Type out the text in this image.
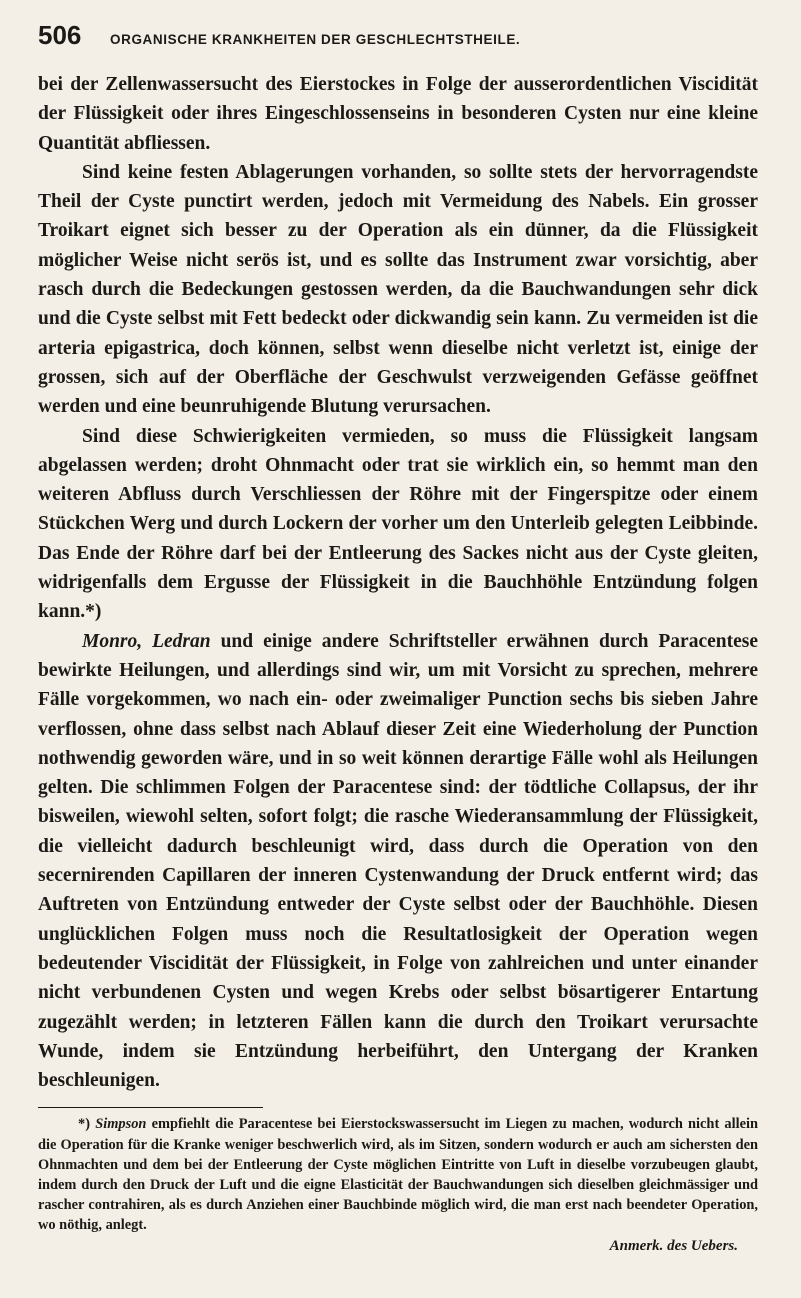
506	ORGANISCHE KRANKHEITEN DER GESCHLECHTSTHEILE.

bei der Zellenwassersucht des Eierstockes in Folge der ausserordentlichen Viscidität der Flüssigkeit oder ihres Eingeschlossenseins in besonderen Cysten nur eine kleine Quantität abfliessen.

Sind keine festen Ablagerungen vorhanden, so sollte stets der hervorragendste Theil der Cyste punctirt werden, jedoch mit Vermeidung des Nabels. Ein grosser Troikart eignet sich besser zu der Operation als ein dünner, da die Flüssigkeit möglicher Weise nicht serös ist, und es sollte das Instrument zwar vorsichtig, aber rasch durch die Bedeckungen gestossen werden, da die Bauchwandungen sehr dick und die Cyste selbst mit Fett bedeckt oder dickwandig sein kann. Zu vermeiden ist die arteria epigastrica, doch können, selbst wenn dieselbe nicht verletzt ist, einige der grossen, sich auf der Oberfläche der Geschwulst verzweigenden Gefässe geöffnet werden und eine beunruhigende Blutung verursachen.

Sind diese Schwierigkeiten vermieden, so muss die Flüssigkeit langsam abgelassen werden; droht Ohnmacht oder trat sie wirklich ein, so hemmt man den weiteren Abfluss durch Verschliessen der Röhre mit der Fingerspitze oder einem Stückchen Werg und durch Lockern der vorher um den Unterleib gelegten Leibbinde. Das Ende der Röhre darf bei der Entleerung des Sackes nicht aus der Cyste gleiten, widrigenfalls dem Ergusse der Flüssigkeit in die Bauchhöhle Entzündung folgen kann.*)

Monro, Ledran und einige andere Schriftsteller erwähnen durch Paracentese bewirkte Heilungen, und allerdings sind wir, um mit Vorsicht zu sprechen, mehrere Fälle vorgekommen, wo nach ein- oder zweimaliger Punction sechs bis sieben Jahre verflossen, ohne dass selbst nach Ablauf dieser Zeit eine Wiederholung der Punction nothwendig geworden wäre, und in so weit können derartige Fälle wohl als Heilungen gelten. Die schlimmen Folgen der Paracentese sind: der tödtliche Collapsus, der ihr bisweilen, wiewohl selten, sofort folgt; die rasche Wiederansammlung der Flüssigkeit, die vielleicht dadurch beschleunigt wird, dass durch die Operation von den secernirenden Capillaren der inneren Cystenwandung der Druck entfernt wird; das Auftreten von Entzündung entweder der Cyste selbst oder der Bauchhöhle. Diesen unglücklichen Folgen muss noch die Resultatlosigkeit der Operation wegen bedeutender Viscidität der Flüssigkeit, in Folge von zahlreichen und unter einander nicht verbundenen Cysten und wegen Krebs oder selbst bösartigerer Entartung zugezählt werden; in letzteren Fällen kann die durch den Troikart verursachte Wunde, indem sie Entzündung herbeiführt, den Untergang der Kranken beschleunigen.

*) Simpson empfiehlt die Paracentese bei Eierstockswassersucht im Liegen zu machen, wodurch nicht allein die Operation für die Kranke weniger beschwerlich wird, als im Sitzen, sondern wodurch er auch am sichersten den Ohnmachten und dem bei der Entleerung der Cyste möglichen Eintritte von Luft in dieselbe vorzubeugen glaubt, indem durch den Druck der Luft und die eigne Elasticität der Bauchwandungen sich dieselben gleichmässiger und rascher contrahiren, als es durch Anziehen einer Bauchbinde möglich wird, die man erst nach beendeter Operation, wo nöthig, anlegt.

Anmerk. des Uebers.
